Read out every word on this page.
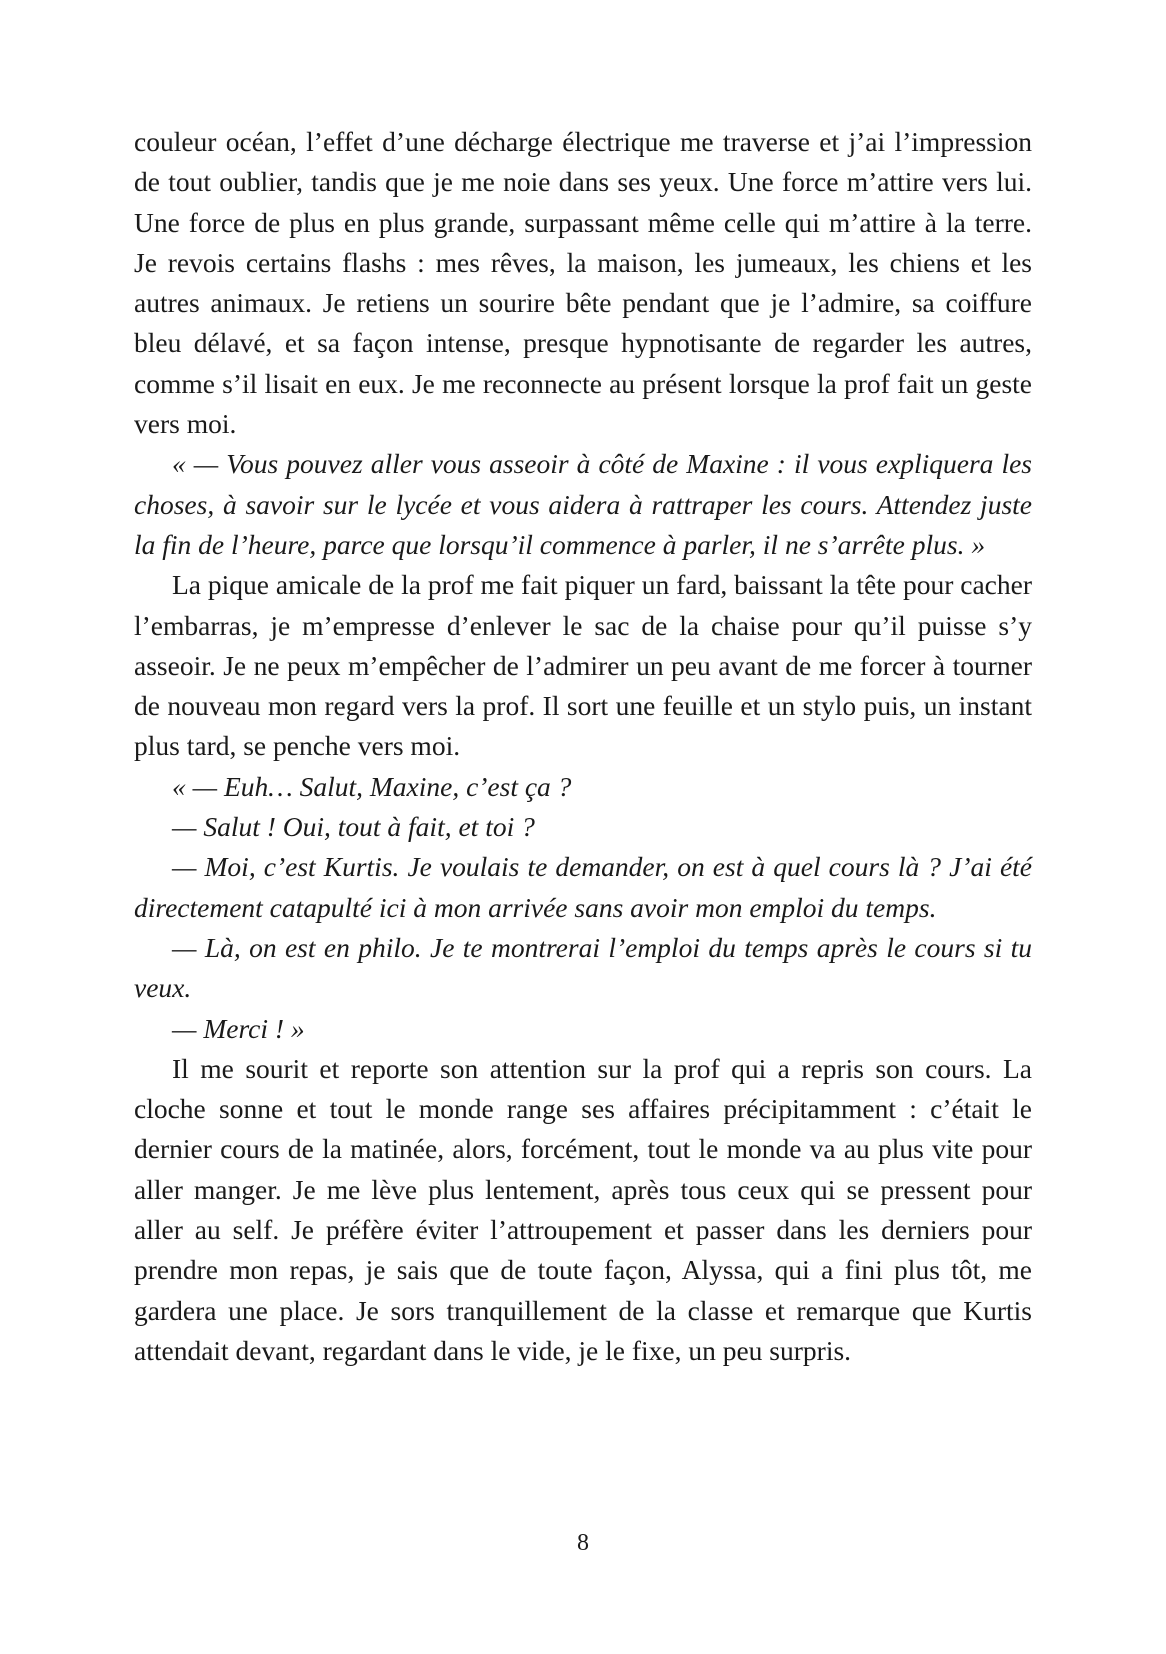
couleur océan, l’effet d’une décharge électrique me traverse et j’ai l’impression de tout oublier, tandis que je me noie dans ses yeux. Une force m’attire vers lui. Une force de plus en plus grande, surpassant même celle qui m’attire à la terre. Je revois certains flashs : mes rêves, la maison, les jumeaux, les chiens et les autres animaux. Je retiens un sourire bête pendant que je l’admire, sa coiffure bleu délavé, et sa façon intense, presque hypnotisante de regarder les autres, comme s’il lisait en eux. Je me reconnecte au présent lorsque la prof fait un geste vers moi.

« — Vous pouvez aller vous asseoir à côté de Maxine : il vous expliquera les choses, à savoir sur le lycée et vous aidera à rattraper les cours. Attendez juste la fin de l’heure, parce que lorsqu’il commence à parler, il ne s’arrête plus. »

La pique amicale de la prof me fait piquer un fard, baissant la tête pour cacher l’embarras, je m’empresse d’enlever le sac de la chaise pour qu’il puisse s’y asseoir. Je ne peux m’empêcher de l’admirer un peu avant de me forcer à tourner de nouveau mon regard vers la prof. Il sort une feuille et un stylo puis, un instant plus tard, se penche vers moi.

« — Euh… Salut, Maxine, c’est ça ?

— Salut ! Oui, tout à fait, et toi ?

— Moi, c’est Kurtis. Je voulais te demander, on est à quel cours là ? J’ai été directement catapulté ici à mon arrivée sans avoir mon emploi du temps.

— Là, on est en philo. Je te montrerai l’emploi du temps après le cours si tu veux.

— Merci ! »

Il me sourit et reporte son attention sur la prof qui a repris son cours. La cloche sonne et tout le monde range ses affaires précipitamment : c’était le dernier cours de la matinée, alors, forcément, tout le monde va au plus vite pour aller manger. Je me lève plus lentement, après tous ceux qui se pressent pour aller au self. Je préfère éviter l’attroupement et passer dans les derniers pour prendre mon repas, je sais que de toute façon, Alyssa, qui a fini plus tôt, me gardera une place. Je sors tranquillement de la classe et remarque que Kurtis attendait devant, regardant dans le vide, je le fixe, un peu surpris.

8
